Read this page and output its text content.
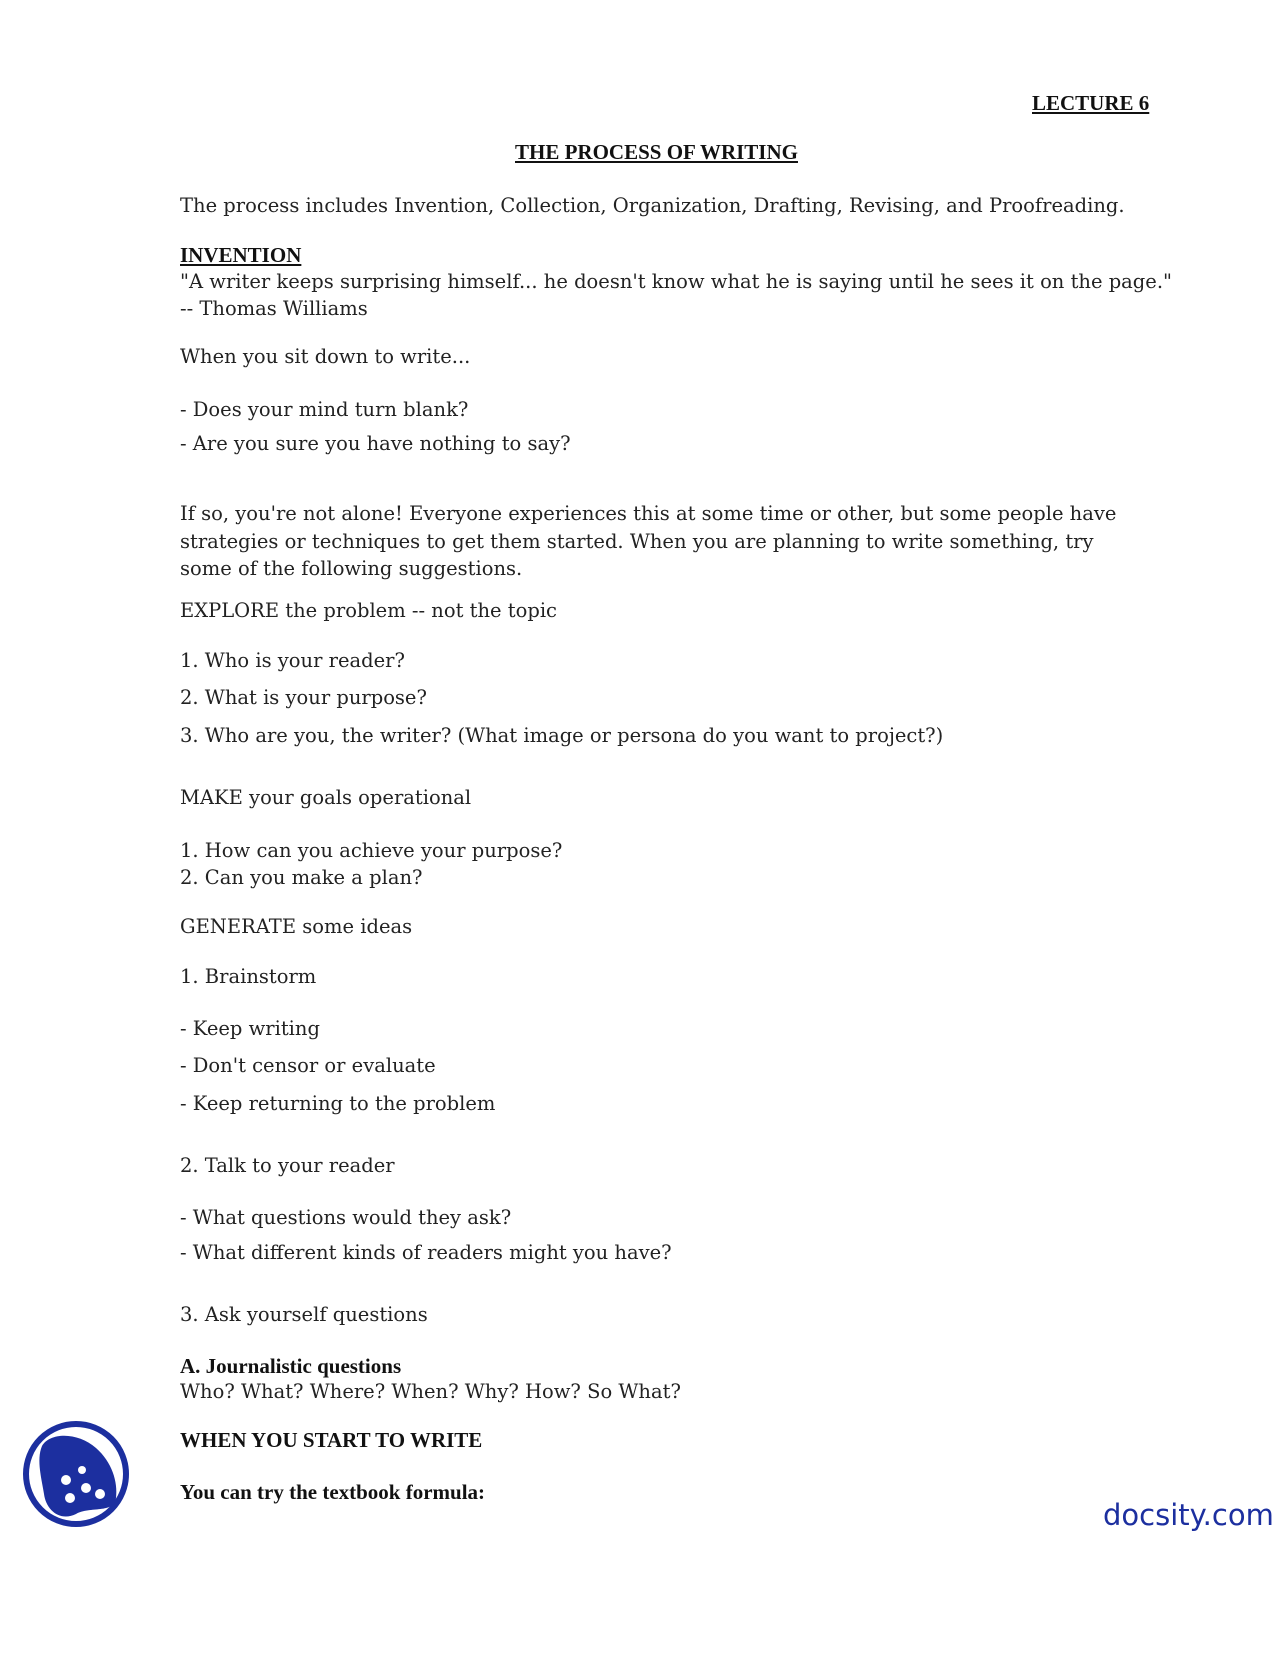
LECTURE 6
THE PROCESS OF WRITING
The process includes Invention, Collection, Organization, Drafting, Revising, and Proofreading.
INVENTION
"A writer keeps surprising himself... he doesn't know what he is saying until he sees it on the page."
-- Thomas Williams
When you sit down to write...
- Does your mind turn blank?
- Are you sure you have nothing to say?
If so, you're not alone! Everyone experiences this at some time or other, but some people have strategies or techniques to get them started. When you are planning to write something, try some of the following suggestions.
EXPLORE the problem -- not the topic
1. Who is your reader?
2. What is your purpose?
3. Who are you, the writer? (What image or persona do you want to project?)
MAKE your goals operational
1. How can you achieve your purpose?
2. Can you make a plan?
GENERATE some ideas
1. Brainstorm
- Keep writing
- Don't censor or evaluate
- Keep returning to the problem
2. Talk to your reader
- What questions would they ask?
- What different kinds of readers might you have?
3. Ask yourself questions
A. Journalistic questions
Who? What? Where? When? Why? How? So What?
WHEN YOU START TO WRITE
You can try the textbook formula:
docsity.com
